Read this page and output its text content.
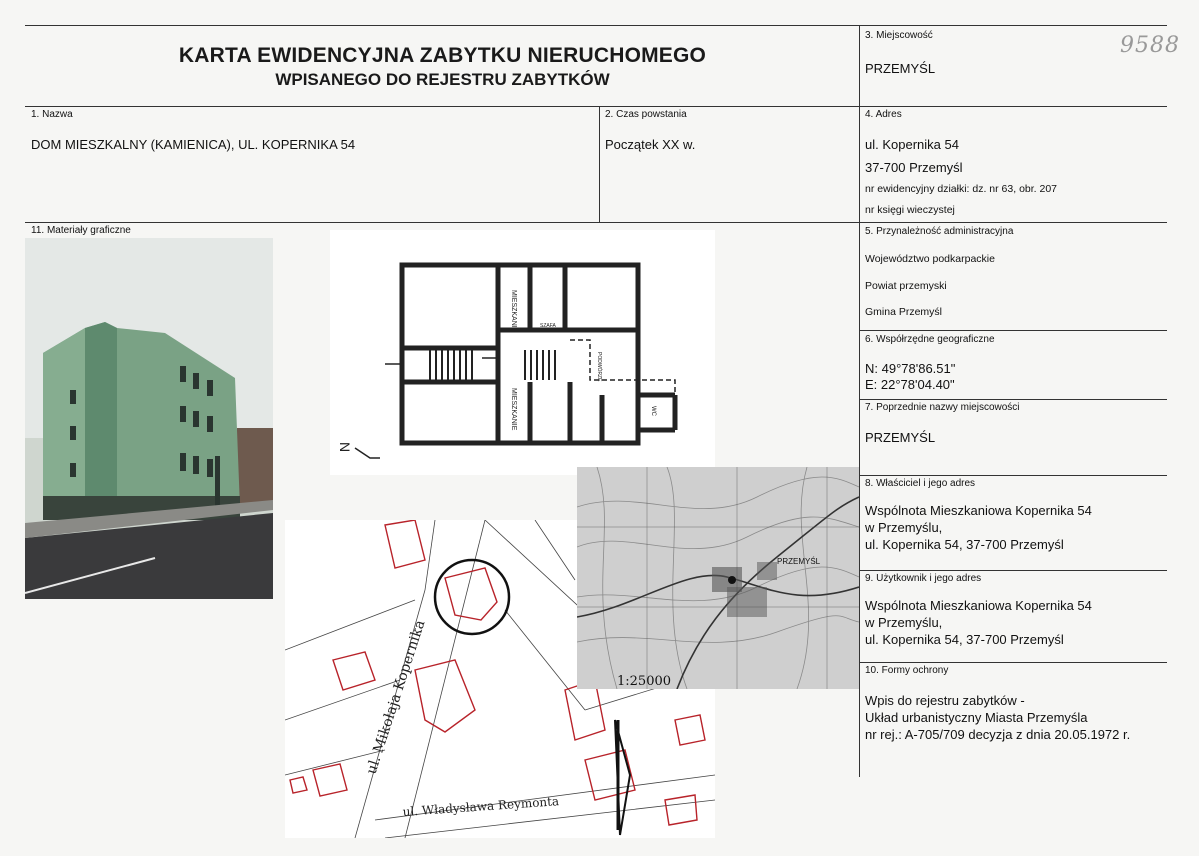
KARTA EWIDENCYJNA ZABYTKU NIERUCHOMEGO
WPISANEGO DO REJESTRU ZABYTKÓW
9588
3. Miejscowość
PRZEMYŚL
1. Nazwa
DOM MIESZKALNY (KAMIENICA), UL. KOPERNIKA 54
2. Czas powstania
Początek XX w.
4. Adres
ul. Kopernika 54
37-700 Przemyśl
nr ewidencyjny działki: dz. nr 63, obr. 207
nr księgi wieczystej
11. Materiały graficzne	5. Przynależność administracyjna
Województwo podkarpackie
Powiat przemyski
Gmina Przemyśl
6. Współrzędne geograficzne
N: 49°78'86.51"
E: 22°78'04.40"
7. Poprzednie nazwy miejscowości
PRZEMYŚL
8. Właściciel i jego adres
Wspólnota Mieszkaniowa Kopernika 54
w Przemyślu,
ul. Kopernika 54, 37-700 Przemyśl
9. Użytkownik i jego adres
Wspólnota Mieszkaniowa Kopernika 54
w Przemyślu,
ul. Kopernika 54, 37-700 Przemyśl
10. Formy ochrony
Wpis do rejestru zabytków -
Układ urbanistyczny Miasta Przemyśla
nr rej.: A-705/709 decyzja z dnia 20.05.1972 r.
MIESZKANIE
MIESZKANIE
SZAFA
PODWÓRZE
WC
N
ul. Mikołaja Kopernika
ul. Władysława Reymonta
PRZEMYŚL
1:25000
